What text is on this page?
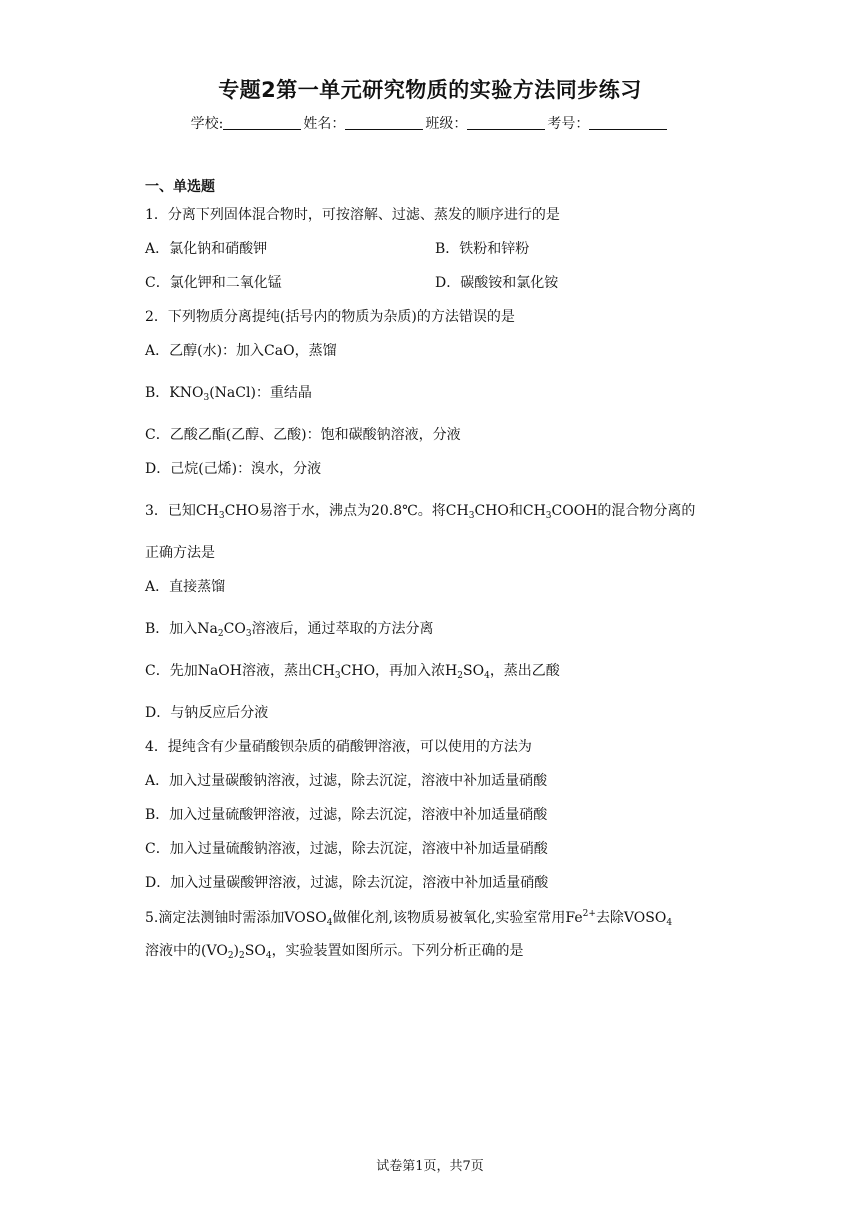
专题2第一单元研究物质的实验方法同步练习
学校:	姓名：	班级：	考号：
一、单选题
1．分离下列固体混合物时，可按溶解、过滤、蒸发的顺序进行的是
A．氯化钠和硝酸钾	B．铁粉和锌粉
C．氯化钾和二氧化锰	D．碳酸铵和氯化铵
2．下列物质分离提纯(括号内的物质为杂质)的方法错误的是
A．乙醇(水)：加入CaO，蒸馏
B．$KNO_3(NaCl)$：重结晶
C．乙酸乙酯(乙醇、乙酸)：饱和碳酸钠溶液，分液
D．己烷(己烯)：溴水，分液
3．已知$CH_3CHO$易溶于水，沸点为20.8℃。将$CH_3CHO$和$CH_3COOH$的混合物分离的
正确方法是
A．直接蒸馏
B．加入$Na_2CO_3$溶液后，通过萃取的方法分离
C．先加NaOH溶液，蒸出$CH_3CHO$，再加入浓$H_2SO_4$，蒸出乙酸
D．与钠反应后分液
4．提纯含有少量硝酸钡杂质的硝酸钾溶液，可以使用的方法为
A．加入过量碳酸钠溶液，过滤，除去沉淀，溶液中补加适量硝酸
B．加入过量硫酸钾溶液，过滤，除去沉淀，溶液中补加适量硝酸
C．加入过量硫酸钠溶液，过滤，除去沉淀，溶液中补加适量硝酸
D．加入过量碳酸钾溶液，过滤，除去沉淀，溶液中补加适量硝酸
5.滴定法测铀时需添加$VOSO_4$做催化剂,该物质易被氧化,实验室常用$Fe^{2+}$去除$VOSO_4$
溶液中的$(VO_2)_2SO_4$，实验装置如图所示。下列分析正确的是
试卷第1页，共7页
